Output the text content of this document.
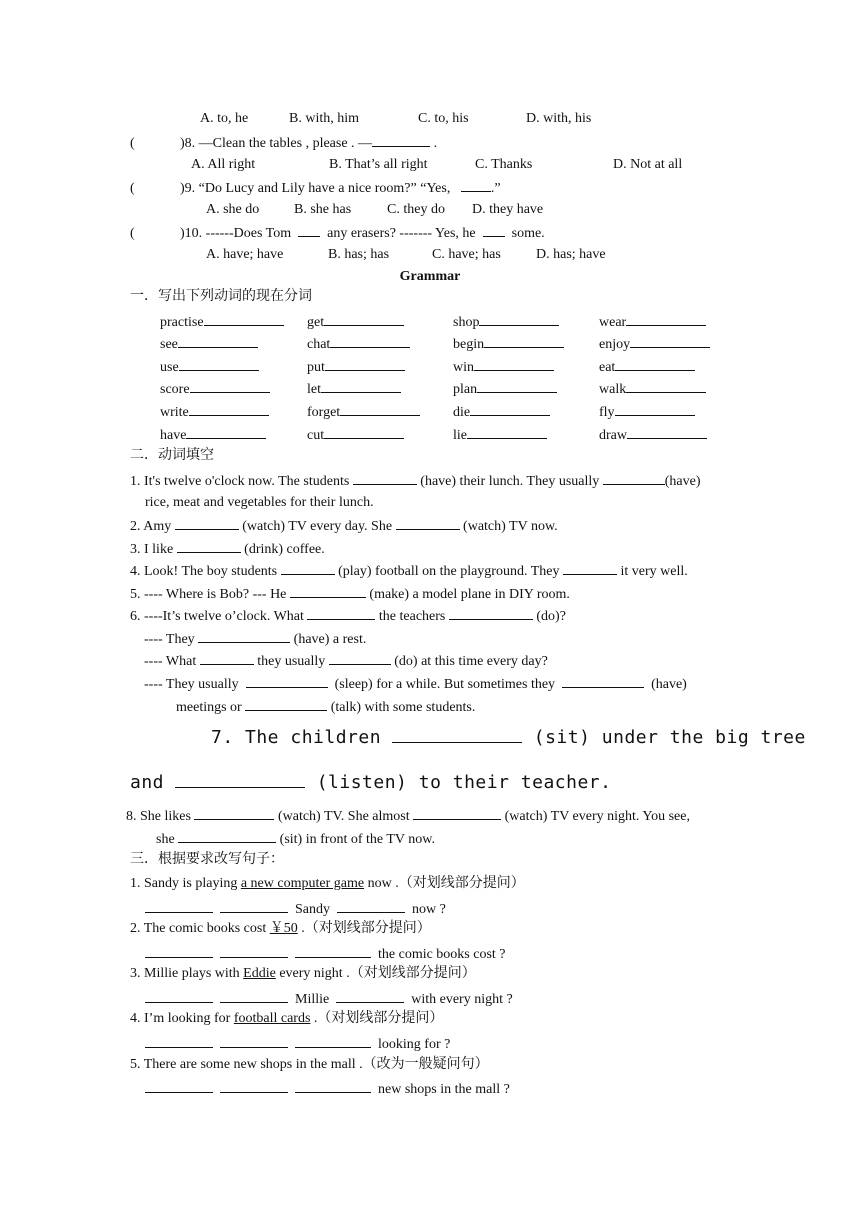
A. to, he	B. with, him	C. to, his	D. with, his
(	)8. —Clean the tables , please . —	.
A. All right	B. That’s all right	C. Thanks	D. Not at all
(	)9. “Do Lucy and Lily have a nice room?” “Yes,	.”
A. she do B. she has	C. they do D. they have
(	)10. ------Does Tom	any erasers? ------- Yes, he	some.
A. have; have	B. has; has	C. have; has	D. has; have
Grammar
一．写出下列动词的现在分词
practise	get	shop	wear
see	chat	begin	enjoy
use	put	win	eat
score	let	plan	walk
write	forget	die	fly
have	cut	lie	draw
二．动词填空
1. It's twelve o'clock now. The students	(have) their lunch. They usually	(have)
rice, meat and vegetables for their lunch.
2. Amy	(watch) TV every day. She	(watch) TV now.
3. I like	(drink) coffee.
4. Look! The boy students	(play) football on the playground. They	it very well.
5. ---- Where is Bob? --- He	(make) a model plane in DIY room.
6. ----It’s twelve o’clock. What	the teachers	(do)?
---- They	(have) a rest.
---- What	they usually	(do) at this time every day?
---- They usually	(sleep) for a while. But sometimes they	(have)
meetings or	(talk) with some students.
7. The children	(sit) under the big tree
and	(listen) to their teacher.
8. She likes	(watch) TV. She almost	(watch) TV every night. You see,
she	(sit) in front of the TV now.
三．根据要求改写句子：
1. Sandy is playing a new computer game now .（对划线部分提问）
Sandy	now ?
2. The comic books cost ￥50 .（对划线部分提问）
the comic books cost ?
3. Millie plays with Eddie every night .（对划线部分提问）
Millie	with every night ?
4. I’m looking for football cards .（对划线部分提问）
looking for ?
5. There are some new shops in the mall .（改为一般疑问句）
new shops in the mall ?
